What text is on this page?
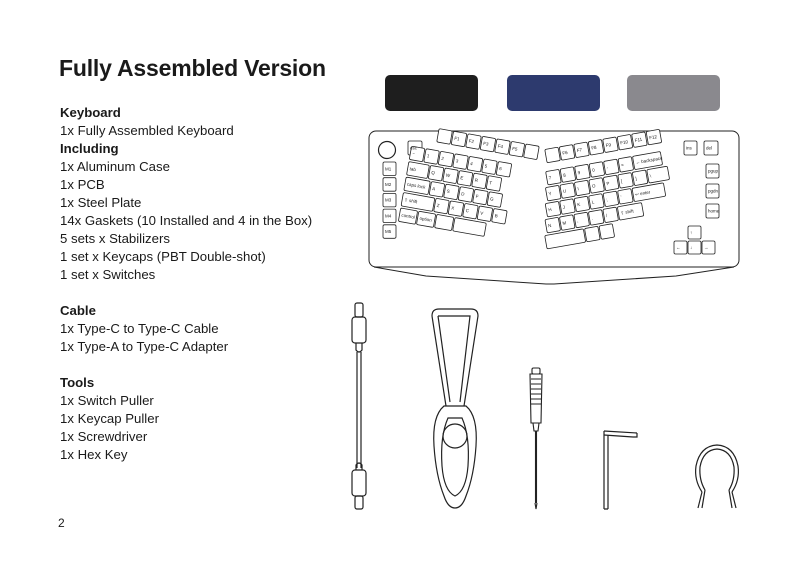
Fully Assembled Version
Keyboard
1x Fully Assembled Keyboard
Including
1x Aluminum Case
1x PCB
1x Steel Plate
14x Gaskets (10 Installed and 4 in the Box)
5 sets x Stabilizers
1 set x Keycaps (PBT Double-shot)
1 set x Switches
Cable
1x Type-C to Type-C Cable
1x Type-A to Type-C Adapter
Tools
1x Switch Puller
1x Keycap Puller
1x Screwdriver
1x Hex Key
2
esc
M1
M2
M3
M4
M5
F1 F2 F3 F4 F5
~ 1 2 3 4 5 6
tab
Q W E R T
caps lock A S D F G
⇧ shift
Z X C V B
control option
F6 F7 F8 F9 F10 F11 F12
7 8 9 0 -	= ← backspace
Y U I	O P [	]	\
H J	K L ;	'
↩ enter
N M ,	.	/	⇧ shift
ins	del
pgup
pgdn
home
↑
← ↓	→
